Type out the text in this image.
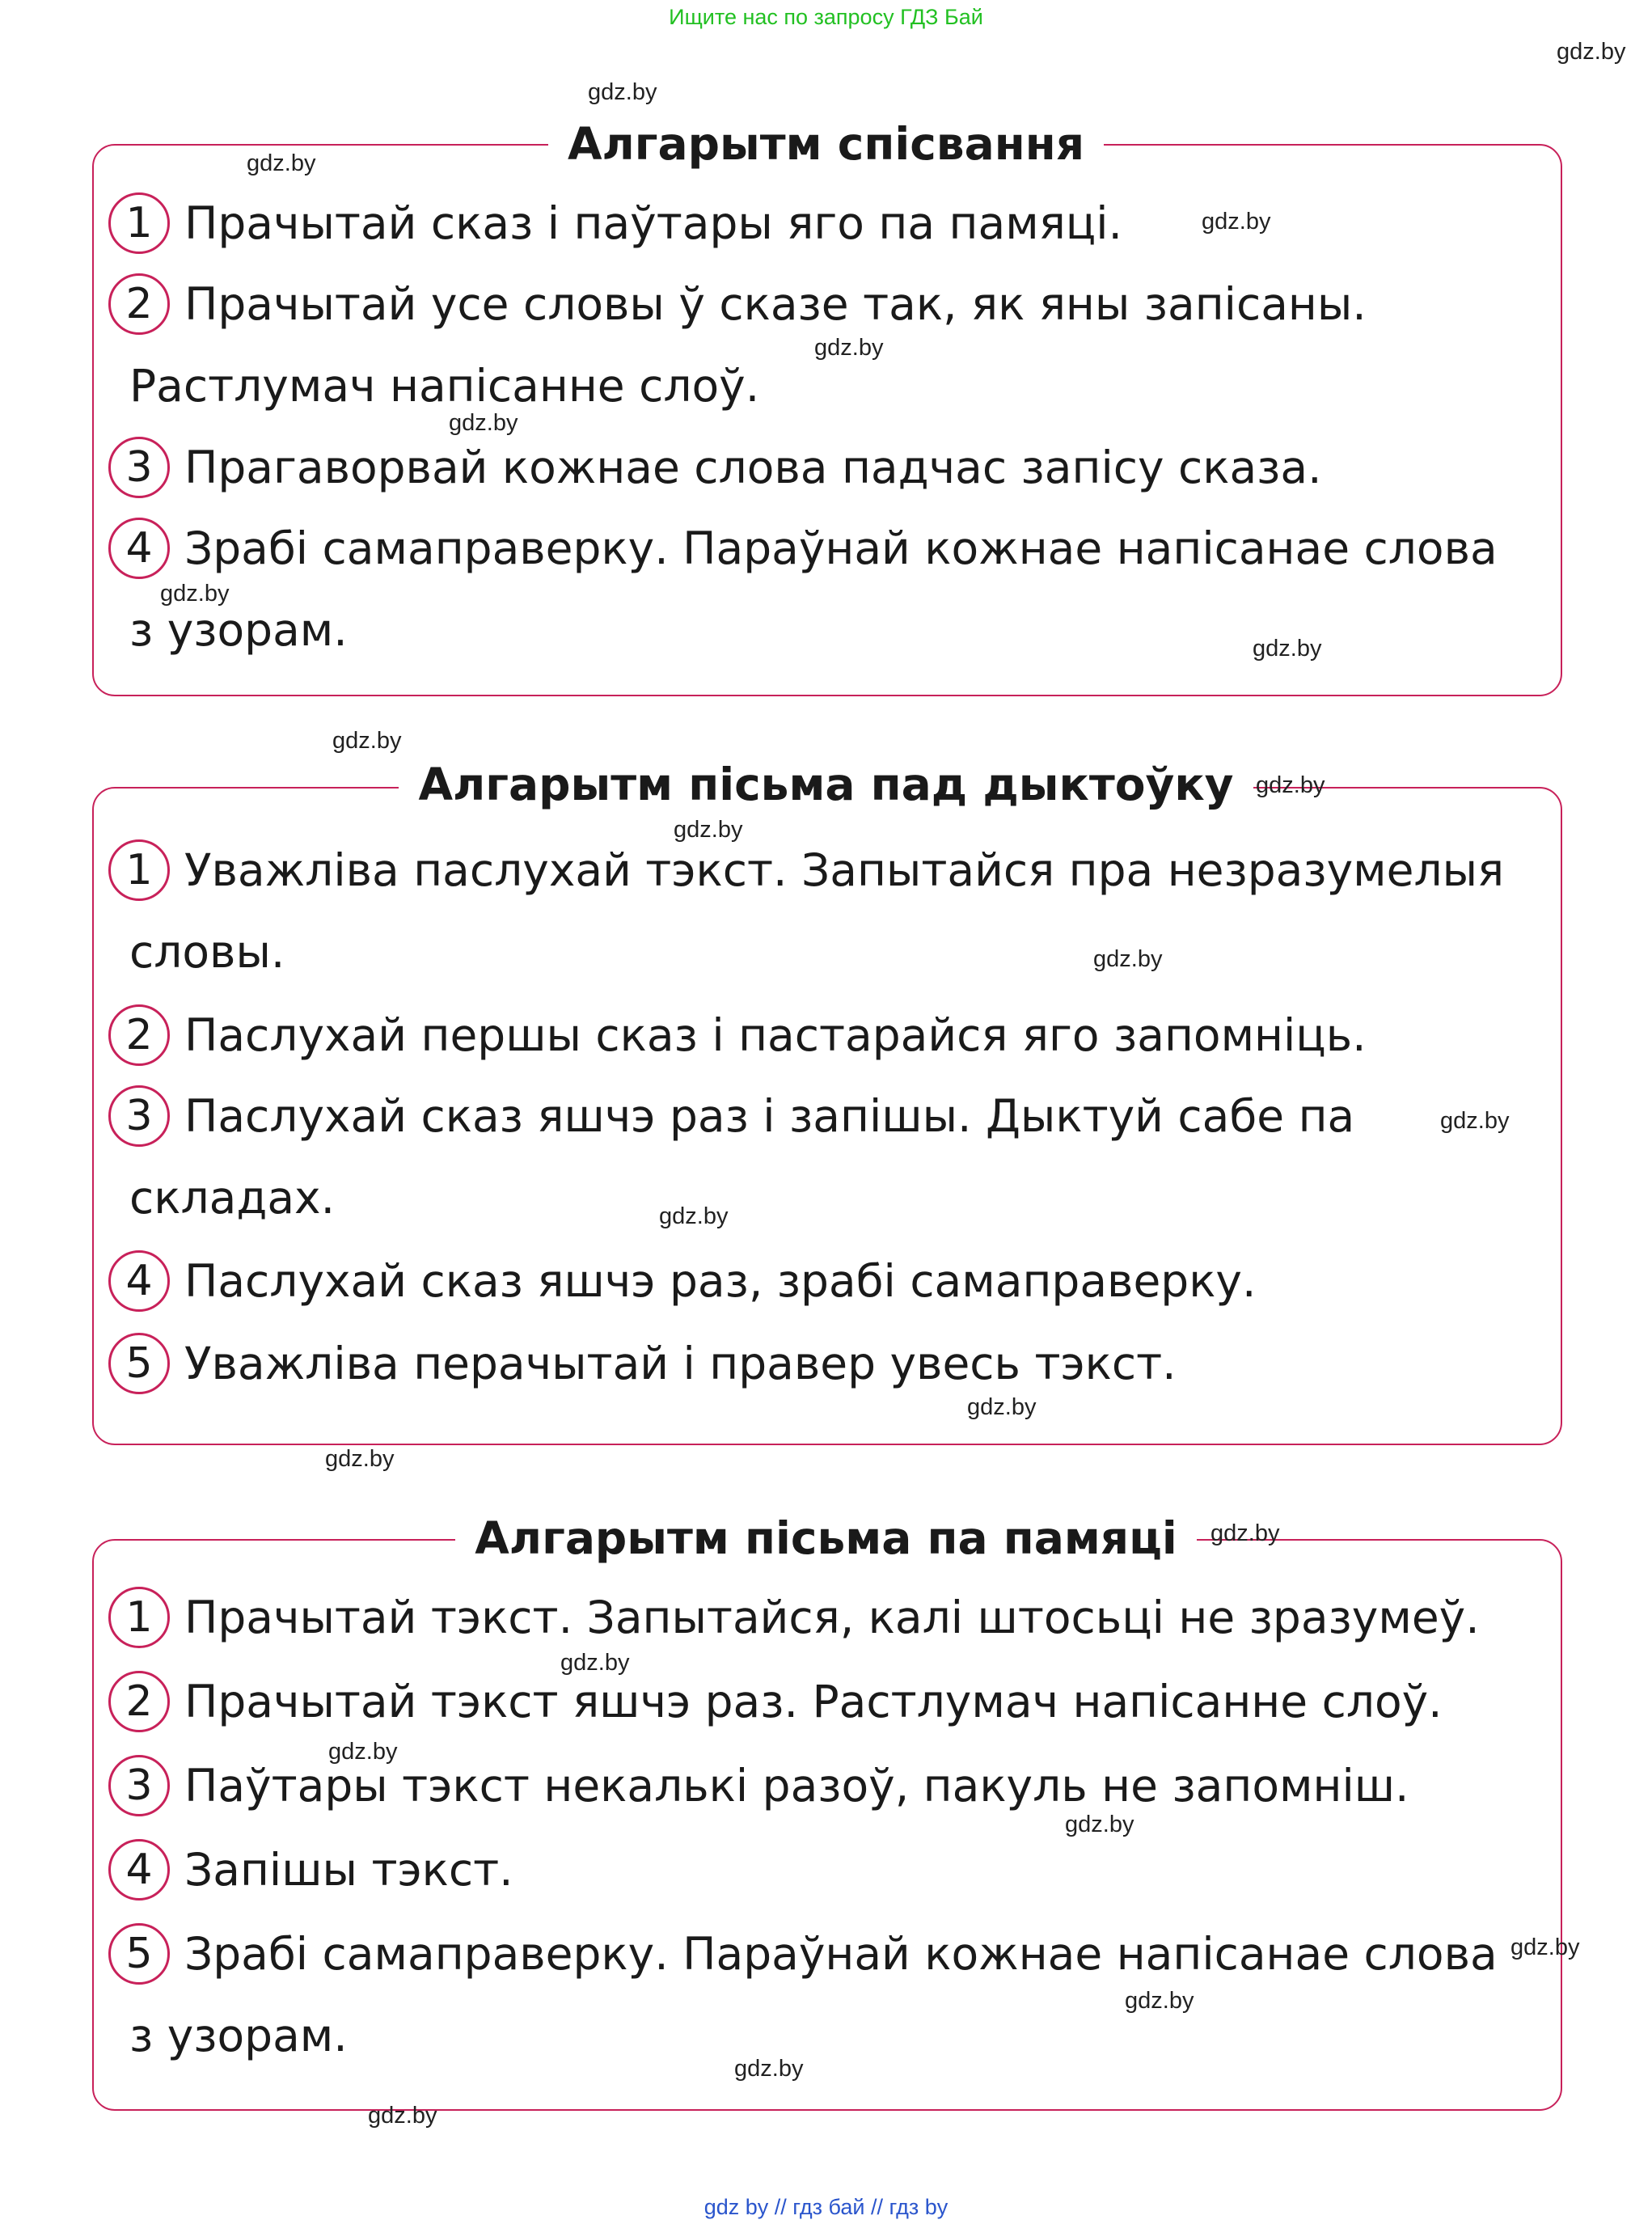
Ищите нас по запросу ГДЗ Бай
Алгарытм спісвання
1 Прачытай сказ і паўтары яго па памяці.
2 Прачытай усе словы ў сказе так, як яны запісаны.
Растлумач напісанне слоў.
3 Прагаворвай кожнае слова падчас запісу сказа.
4 Зрабі самаправерку. Параўнай кожнае напісанае слова
з узорам.
Алгарытм пісьма пад дыктоўку
1 Уважліва паслухай тэкст. Запытайся пра незразумелыя
словы.
2 Паслухай першы сказ і пастарайся яго запомніць.
3 Паслухай сказ яшчэ раз і запішы. Дыктуй сабе па
складах.
4 Паслухай сказ яшчэ раз, зрабі самаправерку.
5 Уважліва перачытай і правер увесь тэкст.
Алгарытм пісьма па памяці
1 Прачытай тэкст. Запытайся, калі штосьці не зразумеў.
2 Прачытай тэкст яшчэ раз. Растлумач напісанне слоў.
3 Паўтары тэкст некалькі разоў, пакуль не запомніш.
4 Запішы тэкст.
5 Зрабі самаправерку. Параўнай кожнае напісанае слова
з узорам.
gdz.by
gdz.by
gdz.by
gdz.by
gdz.by
gdz.by
gdz.by
gdz.by
gdz.by
gdz.by
gdz.by
gdz.by
gdz.by
gdz.by
gdz.by
gdz.by
gdz.by
gdz.by
gdz.by
gdz.by
gdz.by
gdz.by
gdz.by
gdz.by
gdz by // гдз бай // гдз by
